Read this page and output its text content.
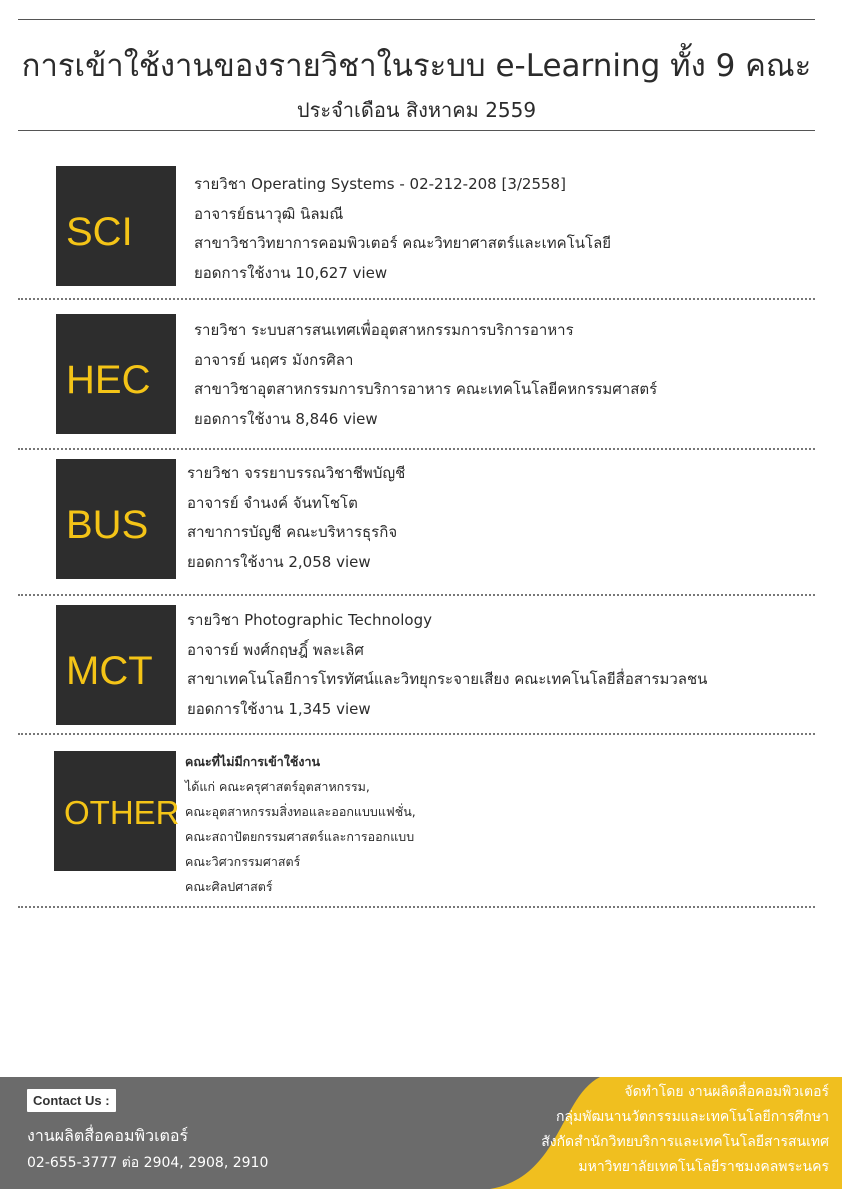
การเข้าใช้งานของรายวิชาในระบบ e-Learning ทั้ง 9 คณะ
ประจำเดือน สิงหาคม 2559
SCI
รายวิชา Operating Systems - 02-212-208 [3/2558]
อาจารย์ธนาวุฒิ นิลมณี
สาขาวิชาวิทยาการคอมพิวเตอร์ คณะวิทยาศาสตร์และเทคโนโลยี
ยอดการใช้งาน 10,627 view
HEC
รายวิชา ระบบสารสนเทศเพื่ออุตสาหกรรมการบริการอาหาร
อาจารย์ นฤศร มังกรศิลา
สาขาวิชาอุตสาหกรรมการบริการอาหาร คณะเทคโนโลยีคหกรรมศาสตร์
ยอดการใช้งาน 8,846 view
BUS
รายวิชา จรรยาบรรณวิชาชีพบัญชี
อาจารย์ จำนงค์ จันทโชโต
สาขาการบัญชี คณะบริหารธุรกิจ
ยอดการใช้งาน 2,058 view
MCT
รายวิชา Photographic Technology
อาจารย์ พงศ์กฤษฎิ์ พละเลิศ
สาขาเทคโนโลยีการโทรทัศน์และวิทยุกระจายเสียง คณะเทคโนโลยีสื่อสารมวลชน
ยอดการใช้งาน 1,345 view
OTHER
คณะที่ไม่มีการเข้าใช้งาน
ได้แก่ คณะครุศาสตร์อุตสาหกรรม,
คณะอุตสาหกรรมสิ่งทอและออกแบบแฟชั่น,
คณะสถาปัตยกรรมศาสตร์และการออกแบบ
คณะวิศวกรรมศาสตร์
คณะศิลปศาสตร์
Contact Us :
งานผลิตสื่อคอมพิวเตอร์
02-655-3777 ต่อ 2904, 2908, 2910
จัดทำโดย งานผลิตสื่อคอมพิวเตอร์
กลุ่มพัฒนานวัตกรรมและเทคโนโลยีการศึกษา
สังกัดสำนักวิทยบริการและเทคโนโลยีสารสนเทศ
มหาวิทยาลัยเทคโนโลยีราชมงคลพระนคร
